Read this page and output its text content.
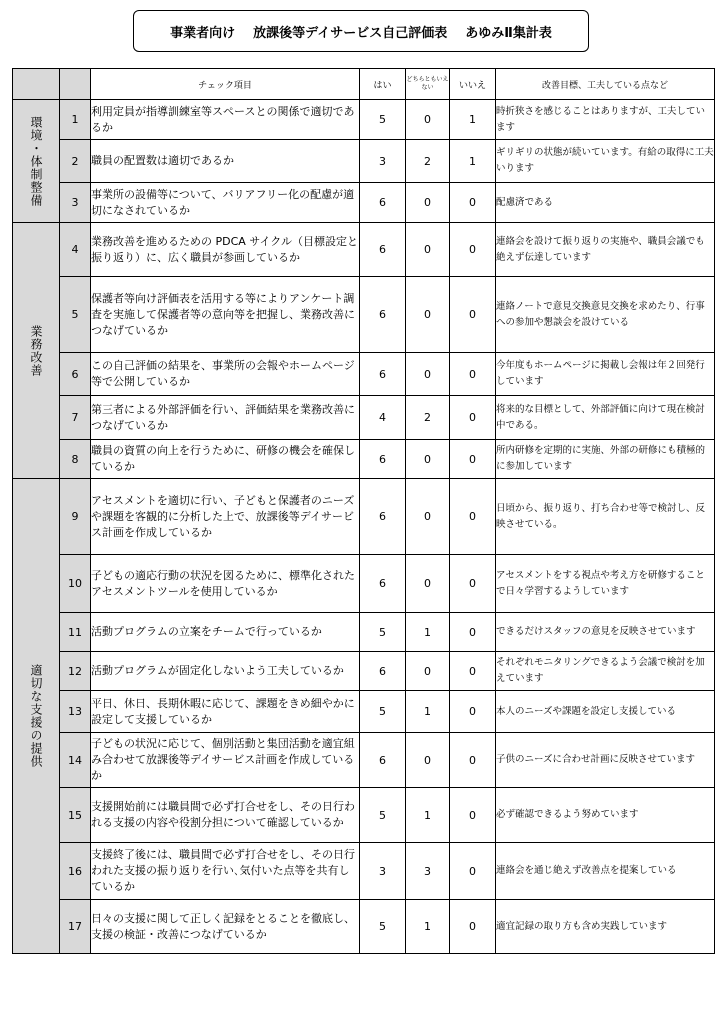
事業者向け 放課後等デイサービス自己評価表 あゆみⅡ集計表
		チェック項目	はい	どちらともいえない	いいえ	改善目標、工夫している点など

環境・体制整備	1	利用定員が指導訓練室等スペースとの関係で適切であるか	5	0	1	時折狭さを感じることはありますが、工夫しています
	2	職員の配置数は適切であるか	3	2	1	ギリギリの状態が続いています。有給の取得に工夫いります
	3	事業所の設備等について、バリアフリー化の配慮が適切になされているか	6	0	0	配慮済である

業務改善	4	業務改善を進めるための PDCA サイクル（目標設定と振り返り）に、広く職員が参画しているか	6	0	0	連絡会を設けて振り返りの実施や、職員会議でも絶えず伝達しています
	5	保護者等向け評価表を活用する等によりアンケート調査を実施して保護者等の意向等を把握し、業務改善につなげているか	6	0	0	連絡ノートで意見交換意見交換を求めたり、行事への参加や懇談会を設けている
	6	この自己評価の結果を、事業所の会報やホームページ等で公開しているか	6	0	0	今年度もホームページに掲載し会報は年２回発行しています
	7	第三者による外部評価を行い、評価結果を業務改善につなげているか	4	2	0	将来的な目標として、外部評価に向けて現在検討中である。
	8	職員の資質の向上を行うために、研修の機会を確保しているか	6	0	0	所内研修を定期的に実施、外部の研修にも積極的に参加しています

適切な支援の提供	9	アセスメントを適切に行い、子どもと保護者のニーズや課題を客観的に分析した上で、放課後等デイサービス計画を作成しているか	6	0	0	日頃から、振り返り、打ち合わせ等で検討し、反映させている。
	10	子どもの適応行動の状況を図るために、標準化されたアセスメントツールを使用しているか	6	0	0	アセスメントをする視点や考え方を研修することで日々学習するようしています
	11	活動プログラムの立案をチームで行っているか	5	1	0	できるだけスタッフの意見を反映させています
	12	活動プログラムが固定化しないよう工夫しているか	6	0	0	それぞれモニタリングできるよう会議で検討を加えています
	13	平日、休日、長期休暇に応じて、課題をきめ細やかに設定して支援しているか	5	1	0	本人のニーズや課題を設定し支援している
	14	子どもの状況に応じて、個別活動と集団活動を適宜組み合わせて放課後等デイサービス計画を作成しているか	6	0	0	子供のニーズに合わせ計画に反映させています
	15	支援開始前には職員間で必ず打合せをし、その日行われる支援の内容や役割分担について確認しているか	5	1	0	必ず確認できるよう努めています
	16	支援終了後には、職員間で必ず打合せをし、その日行われた支援の振り返りを行い､気付いた点等を共有しているか	3	3	0	連絡会を通じ絶えず改善点を提案している
	17	日々の支援に関して正しく記録をとることを徹底し、支援の検証・改善につなげているか	5	1	0	適宜記録の取り方も含め実践しています
